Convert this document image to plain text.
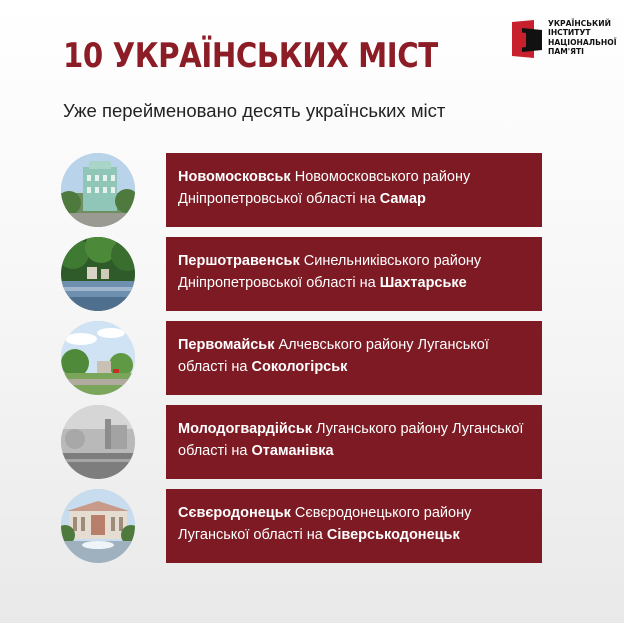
10 УКРАЇНСЬКИХ МІСТ
УКРАЇНСЬКИЙ
ІНСТИТУТ
НАЦІОНАЛЬНОЇ
ПАМ'ЯТІ
Уже перейменовано десять українських міст
Новомосковськ Новомосковського району Дніпропетровської області на Самар
Першотравенськ Синельниківського району Дніпропетровської області на Шахтарське
Первомайськ Алчевського району Луганської області на Сокологірськ
Молодогвардійськ Луганського району Луганської області на Отаманівка
Сєвєродонецьк Сєвєродонецького району Луганської області на Сіверськодонецьк
